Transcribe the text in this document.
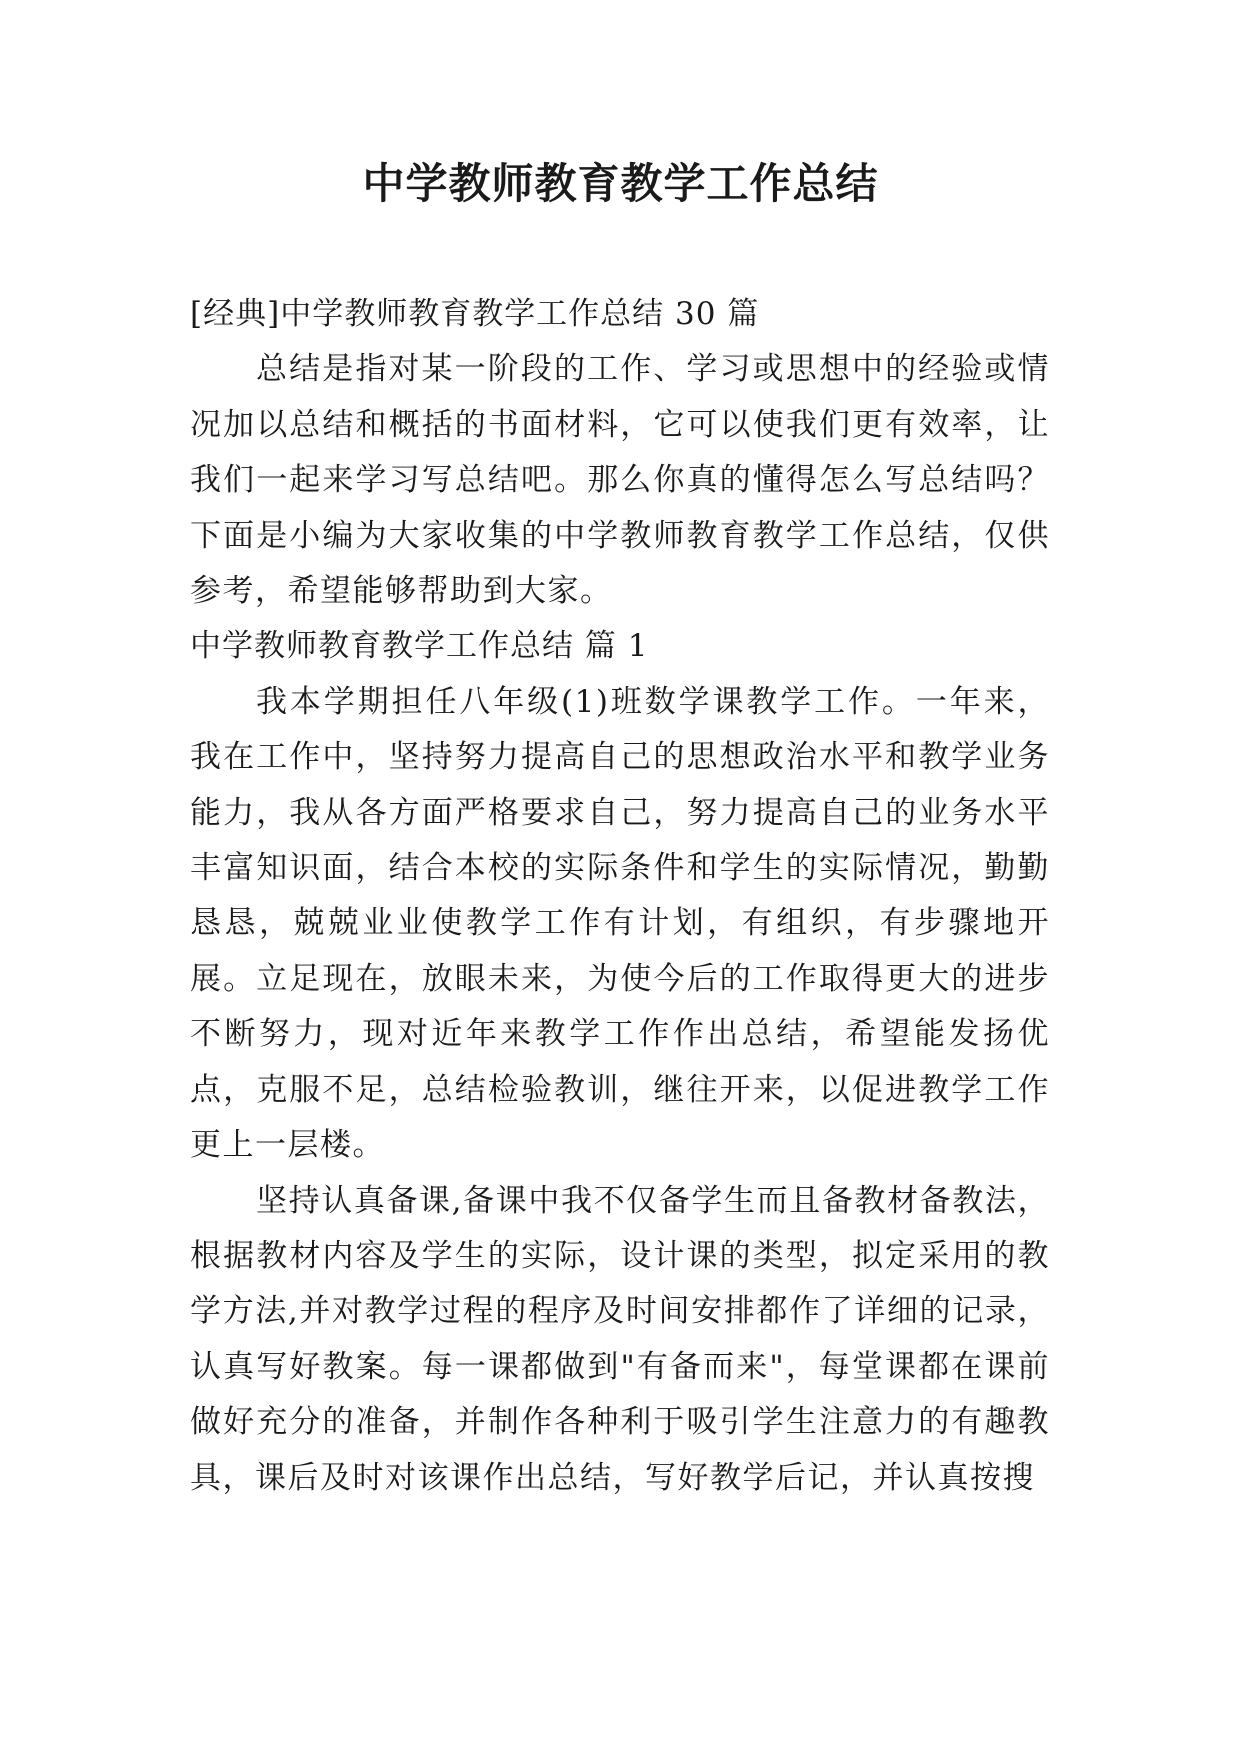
中学教师教育教学工作总结

[经典]中学教师教育教学工作总结 30 篇

总结是指对某一阶段的工作、学习或思想中的经验或情况加以总结和概括的书面材料，它可以使我们更有效率，让我们一起来学习写总结吧。那么你真的懂得怎么写总结吗？下面是小编为大家收集的中学教师教育教学工作总结，仅供参考，希望能够帮助到大家。

中学教师教育教学工作总结 篇 1

我本学期担任八年级(1)班数学课教学工作。一年来，我在工作中，坚持努力提高自己的思想政治水平和教学业务能力，我从各方面严格要求自己，努力提高自己的业务水平丰富知识面，结合本校的实际条件和学生的实际情况，勤勤恳恳，兢兢业业使教学工作有计划，有组织，有步骤地开展。立足现在，放眼未来，为使今后的工作取得更大的进步不断努力，现对近年来教学工作作出总结，希望能发扬优点，克服不足，总结检验教训，继往开来，以促进教学工作更上一层楼。

坚持认真备课,备课中我不仅备学生而且备教材备教法，根据教材内容及学生的实际，设计课的类型，拟定采用的教学方法,并对教学过程的程序及时间安排都作了详细的记录，认真写好教案。每一课都做到"有备而来"，每堂课都在课前做好充分的准备，并制作各种利于吸引学生注意力的有趣教具，课后及时对该课作出总结，写好教学后记，并认真按搜
